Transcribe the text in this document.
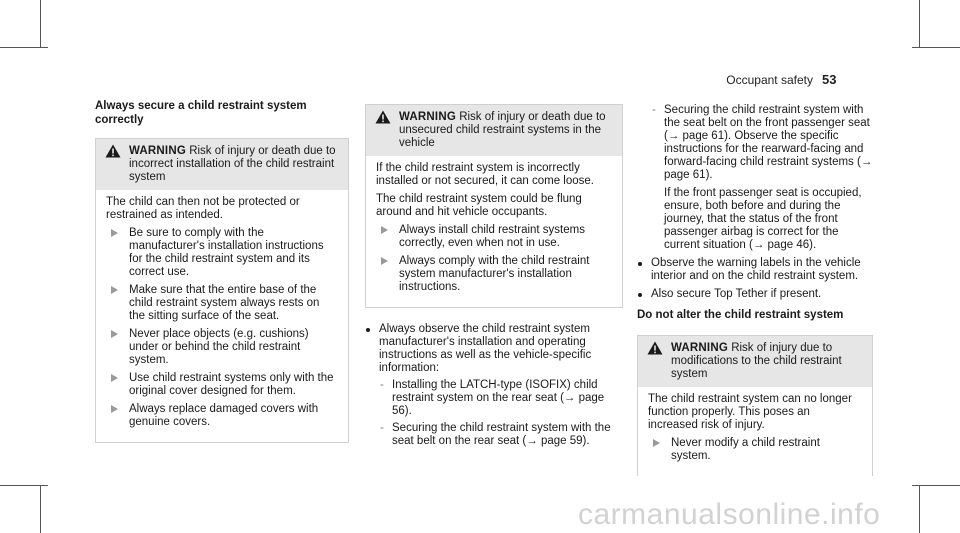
Occupant safety 53

Always secure a child restraint system correctly

WARNING Risk of injury or death due to incorrect installation of the child restraint system

The child can then not be protected or restrained as intended.

Be sure to comply with the manufacturer's installation instructions for the child restraint system and its correct use.

Make sure that the entire base of the child restraint system always rests on the sitting surface of the seat.

Never place objects (e.g. cushions) under or behind the child restraint system.

Use child restraint systems only with the original cover designed for them.

Always replace damaged covers with genuine covers.

WARNING Risk of injury or death due to unsecured child restraint systems in the vehicle

If the child restraint system is incorrectly installed or not secured, it can come loose.

The child restraint system could be flung around and hit vehicle occupants.

Always install child restraint systems correctly, even when not in use.

Always comply with the child restraint system manufacturer's installation instructions.

Always observe the child restraint system manufacturer's installation and operating instructions as well as the vehicle-specific information:

- Installing the LATCH-type (ISOFIX) child restraint system on the rear seat (→ page 56).

- Securing the child restraint system with the seat belt on the rear seat (→ page 59).

- Securing the child restraint system with the seat belt on the front passenger seat (→ page 61). Observe the specific instructions for the rearward-facing and forward-facing child restraint systems (→ page 61).

If the front passenger seat is occupied, ensure, both before and during the journey, that the status of the front passenger airbag is correct for the current situation (→ page 46).

Observe the warning labels in the vehicle interior and on the child restraint system.

Also secure Top Tether if present.

Do not alter the child restraint system

WARNING Risk of injury due to modifications to the child restraint system

The child restraint system can no longer function properly. This poses an increased risk of injury.

Never modify a child restraint system.

carmanualsonline.info
